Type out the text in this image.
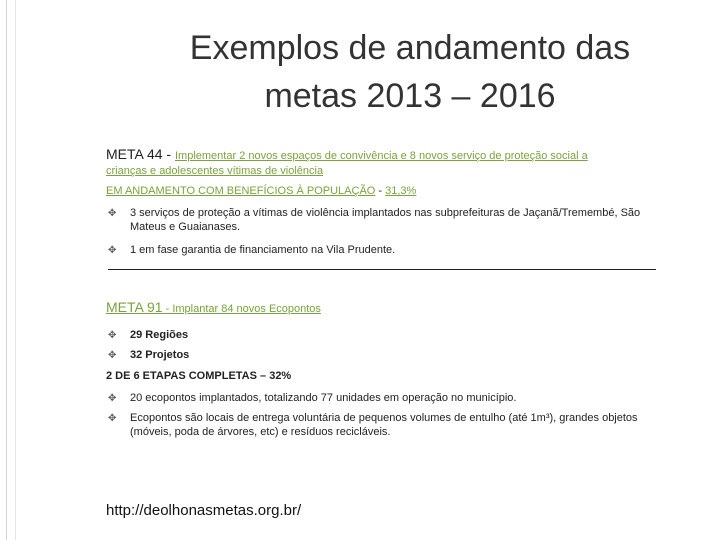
Exemplos de andamento das
metas 2013 – 2016
META 44 - Implementar 2 novos espaços de convivência e 8 novos serviço de proteção social a
crianças e adolescentes vítimas de violência
EM ANDAMENTO COM BENEFÍCIOS À POPULAÇÃO - 31,3%
✥ 3 serviços de proteção a vítimas de violência implantados nas subprefeituras de Jaçanã/Tremembé, São Mateus e Guaianases.
✥ 1 em fase garantia de financiamento na Vila Prudente.
META 91 - Implantar 84 novos Ecopontos
✥ 29 Regiões
✥ 32 Projetos
2 DE 6 ETAPAS COMPLETAS – 32%
✥ 20 ecopontos implantados, totalizando 77 unidades em operação no município.
✥ Ecopontos são locais de entrega voluntária de pequenos volumes de entulho (até 1m³), grandes objetos (móveis, poda de árvores, etc) e resíduos recicláveis.
http://deolhonasmetas.org.br/
